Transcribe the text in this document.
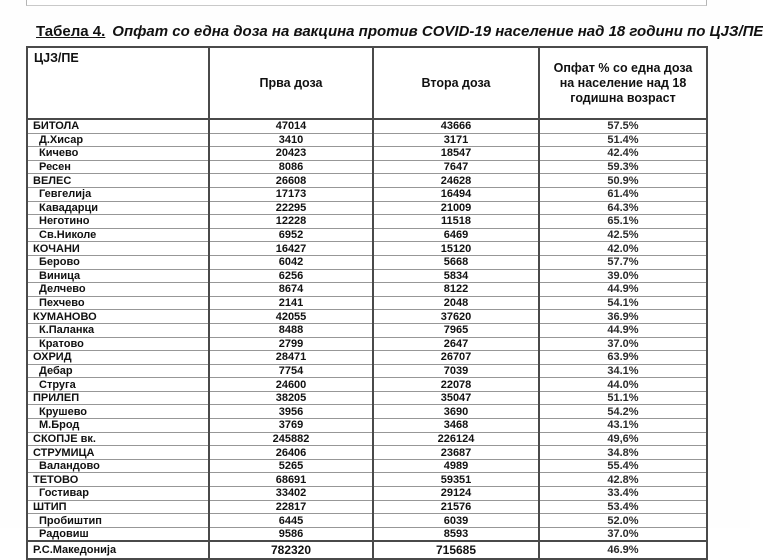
Табела 4. Опфат со една доза на вакцина против COVID-19 население над 18 години по ЦЈЗ/ПЕ
ЦЈЗ/ПЕ	Прва доза	Втора доза	Опфат % со една доза на население над 18 годишна возраст
БИТОЛА	47014	43666	57.5%
Д.Хисар	3410	3171	51.4%
Кичево	20423	18547	42.4%
Ресен	8086	7647	59.3%
ВЕЛЕС	26608	24628	50.9%
Гевгелија	17173	16494	61.4%
Кавадарци	22295	21009	64.3%
Неготино	12228	11518	65.1%
Св.Николе	6952	6469	42.5%
КОЧАНИ	16427	15120	42.0%
Берово	6042	5668	57.7%
Виница	6256	5834	39.0%
Делчево	8674	8122	44.9%
Пехчево	2141	2048	54.1%
КУМАНОВО	42055	37620	36.9%
К.Паланка	8488	7965	44.9%
Кратово	2799	2647	37.0%
ОХРИД	28471	26707	63.9%
Дебар	7754	7039	34.1%
Струга	24600	22078	44.0%
ПРИЛЕП	38205	35047	51.1%
Крушево	3956	3690	54.2%
М.Брод	3769	3468	43.1%
СКОПЈЕ вк.	245882	226124	49,6%
СТРУМИЦА	26406	23687	34.8%
Валандово	5265	4989	55.4%
ТЕТОВО	68691	59351	42.8%
Гостивар	33402	29124	33.4%
ШТИП	22817	21576	53.4%
Пробиштип	6445	6039	52.0%
Радовиш	9586	8593	37.0%
Р.С.Македонија	782320	715685	46.9%
